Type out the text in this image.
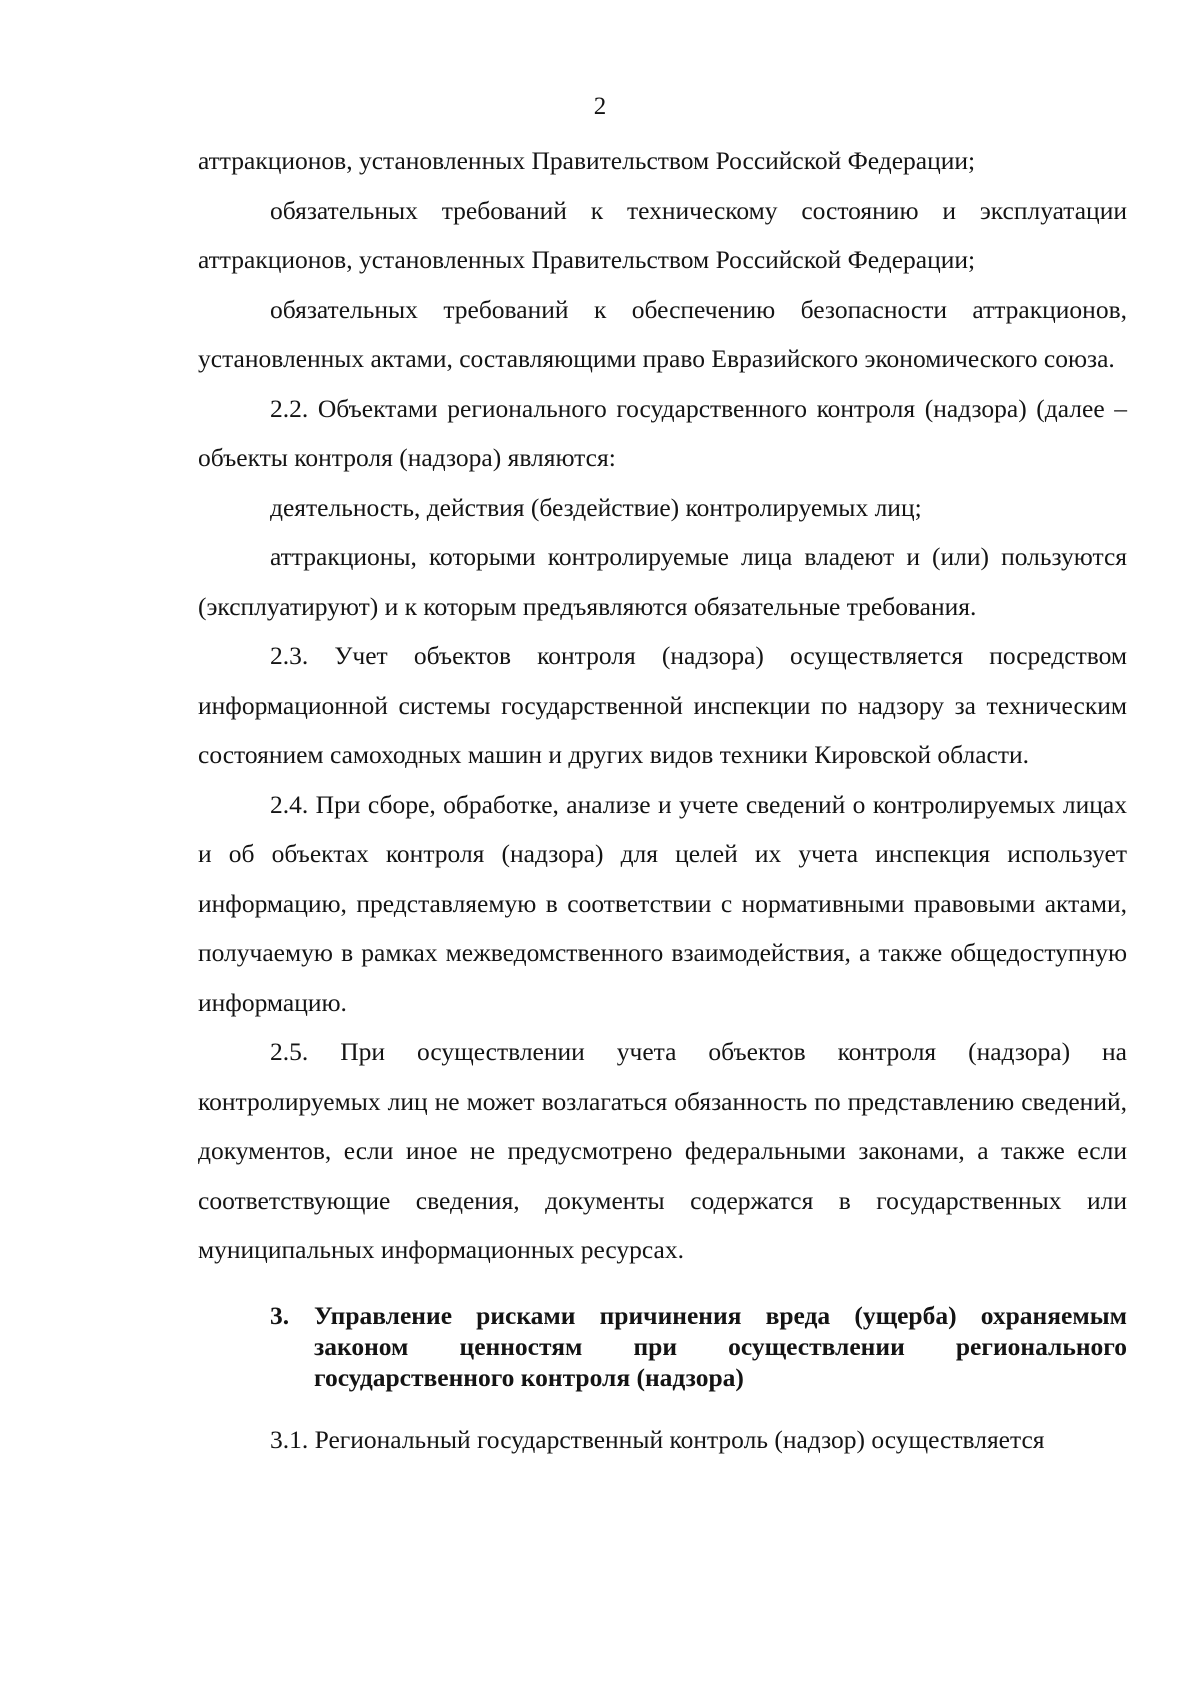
2

аттракционов, установленных Правительством Российской Федерации;

обязательных требований к техническому состоянию и эксплуатации аттракционов, установленных Правительством Российской Федерации;

обязательных требований к обеспечению безопасности аттракционов, установленных актами, составляющими право Евразийского экономического союза.

2.2. Объектами регионального государственного контроля (надзора) (далее – объекты контроля (надзора) являются:

деятельность, действия (бездействие) контролируемых лиц;

аттракционы, которыми контролируемые лица владеют и (или) пользуются (эксплуатируют) и к которым предъявляются обязательные требования.

2.3. Учет объектов контроля (надзора) осуществляется посредством информационной системы государственной инспекции по надзору за техническим состоянием самоходных машин и других видов техники Кировской области.

2.4. При сборе, обработке, анализе и учете сведений о контролируемых лицах и об объектах контроля (надзора) для целей их учета инспекция использует информацию, представляемую в соответствии с нормативными правовыми актами, получаемую в рамках межведомственного взаимодействия, а также общедоступную информацию.

2.5. При осуществлении учета объектов контроля (надзора) на контролируемых лиц не может возлагаться обязанность по представлению сведений, документов, если иное не предусмотрено федеральными законами, а также если соответствующие сведения, документы содержатся в государственных или муниципальных информационных ресурсах.

3. Управление рисками причинения вреда (ущерба) охраняемым законом ценностям при осуществлении регионального государственного контроля (надзора)

3.1. Региональный государственный контроль (надзор) осуществляется
